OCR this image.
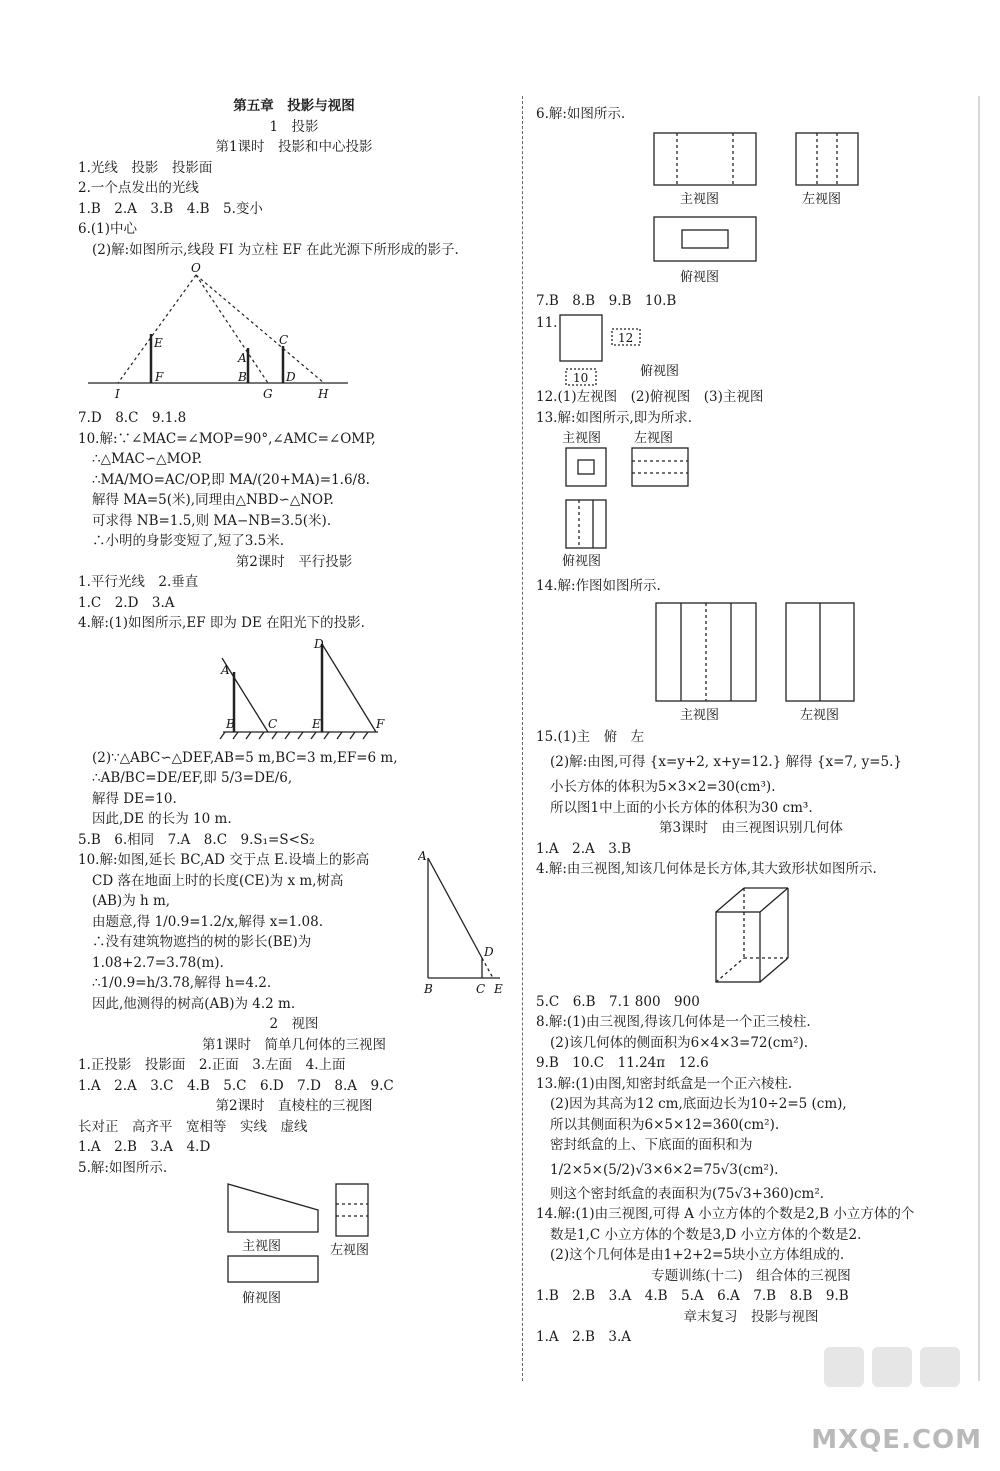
第五章　投影与视图
1　投影
第1课时　投影和中心投影
1.光线　投影　投影面
2.一个点发出的光线
1.B　2.A　3.B　4.B　5.变小
6.(1)中心
(2)解:如图所示,线段 FI 为立柱 EF 在此光源下所形成的影子.
O
E
F
I
A
B
G
C
D
H
7.D　8.C　9.1.8
10.解:∵∠MAC=∠MOP=90°,∠AMC=∠OMP,
∴△MAC∽△MOP.
∴MA/MO=AC/OP,即 MA/(20+MA)=1.6/8.
解得 MA=5(米),同理由△NBD∽△NOP.
可求得 NB=1.5,则 MA−NB=3.5(米).
∴小明的身影变短了,短了3.5米.
第2课时　平行投影
1.平行光线　2.垂直
1.C　2.D　3.A
4.解:(1)如图所示,EF 即为 DE 在阳光下的投影.
D
A
B	C	E	F
(2)∵△ABC∽△DEF,AB=5 m,BC=3 m,EF=6 m,
∴AB/BC=DE/EF,即 5/3=DE/6,
解得 DE=10.
因此,DE 的长为 10 m.
5.B　6.相同　7.A　8.C　9.S₁=S<S₂
10.解:如图,延长 BC,AD 交于点 E.设墙上的影高
CD 落在地面上时的长度(CE)为 x m,树高
(AB)为 h m,
由题意,得 1/0.9=1.2/x,解得 x=1.08.
∴没有建筑物遮挡的树的影长(BE)为
1.08+2.7=3.78(m).
∴1/0.9=h/3.78,解得 h=4.2.
因此,他测得的树高(AB)为 4.2 m.
A
D
B	C E
2　视图
第1课时　简单几何体的三视图
1.正投影　投影面　2.正面　3.左面　4.上面
1.A　2.A　3.C　4.B　5.C　6.D　7.D　8.A　9.C
第2课时　直棱柱的三视图
长对正　高齐平　宽相等　实线　虚线
1.A　2.B　3.A　4.D
5.解:如图所示.
主视图	左视图
俯视图
6.解:如图所示.
主视图	左视图
俯视图
7.B　8.B　9.B　10.B
11.
12
10	俯视图
12.(1)左视图　(2)俯视图　(3)主视图
13.解:如图所示,即为所求.
主视图	左视图
俯视图
14.解:作图如图所示.
主视图	左视图
15.(1)主　俯　左
(2)解:由图,可得 {x=y+2, x+y=12.} 解得 {x=7, y=5.}
小长方体的体积为5×3×2=30(cm³).
所以图1中上面的小长方体的体积为30 cm³.
第3课时　由三视图识别几何体
1.A　2.A　3.B
4.解:由三视图,知该几何体是长方体,其大致形状如图所示.
5.C　6.B　7.1 800　900
8.解:(1)由三视图,得该几何体是一个正三棱柱.
(2)该几何体的侧面积为6×4×3=72(cm²).
9.B　10.C　11.24π　12.6
13.解:(1)由图,知密封纸盒是一个正六棱柱.
(2)因为其高为12 cm,底面边长为10÷2=5 (cm),
所以其侧面积为6×5×12=360(cm²).
密封纸盒的上、下底面的面积和为
1/2×5×(5/2)√3×6×2=75√3(cm²).
则这个密封纸盒的表面积为(75√3+360)cm².
14.解:(1)由三视图,可得 A 小立方体的个数是2,B 小立方体的个
数是1,C 小立方体的个数是3,D 小立方体的个数是2.
(2)这个几何体是由1+2+2=5块小立方体组成的.
专题训练(十二)　组合体的三视图
1.B　2.B　3.A　4.B　5.A　6.A　7.B　8.B　9.B
章末复习　投影与视图
1.A　2.B　3.A
MXQE.COM
